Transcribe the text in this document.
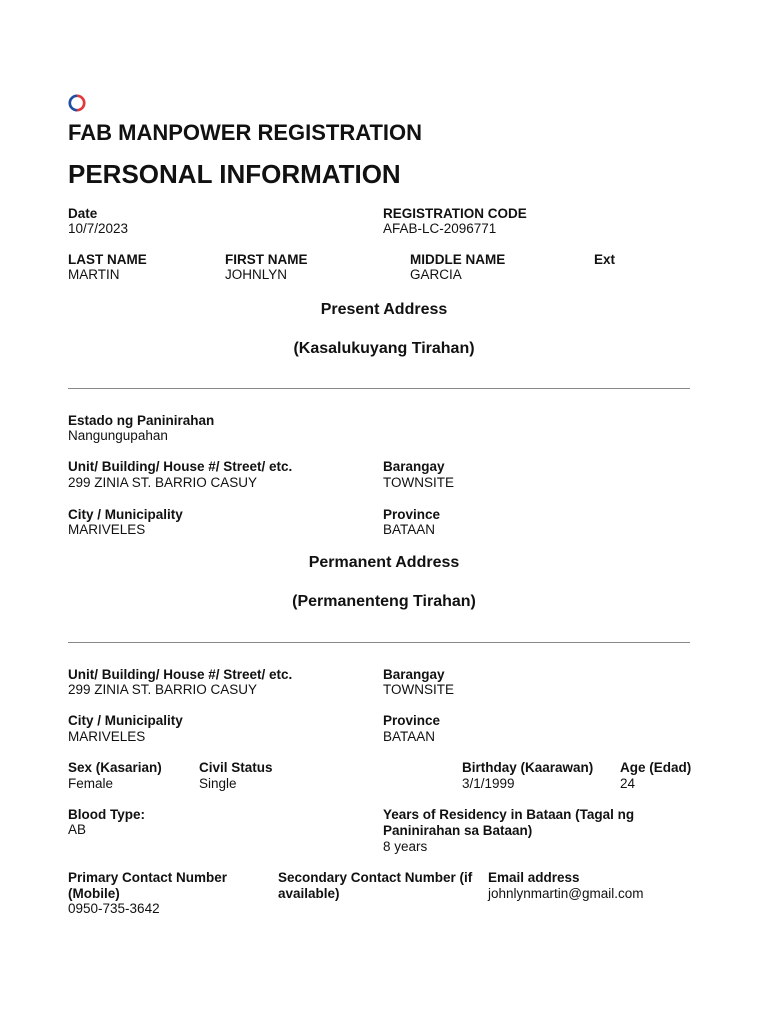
FAB MANPOWER REGISTRATION
PERSONAL INFORMATION
Date
10/7/2023
REGISTRATION CODE
AFAB-LC-2096771
LAST NAME
MARTIN
FIRST NAME
JOHNLYN
MIDDLE NAME
GARCIA
Ext
Present Address
(Kasalukuyang Tirahan)
Estado ng Paninirahan
Nangungupahan
Unit/ Building/ House #/ Street/ etc.
299 ZINIA ST. BARRIO CASUY
Barangay
TOWNSITE
City / Municipality
MARIVELES
Province
BATAAN
Permanent Address
(Permanenteng Tirahan)
Unit/ Building/ House #/ Street/ etc.
299 ZINIA ST. BARRIO CASUY
Barangay
TOWNSITE
City / Municipality
MARIVELES
Province
BATAAN
Sex (Kasarian)
Female
Civil Status
Single
Birthday (Kaarawan)
3/1/1999
Age (Edad)
24
Blood Type:
AB
Years of Residency in Bataan (Tagal ng Paninirahan sa Bataan)
8 years
Primary Contact Number (Mobile)
0950-735-3642
Secondary Contact Number (if available)
Email address
johnlynmartin@gmail.com
